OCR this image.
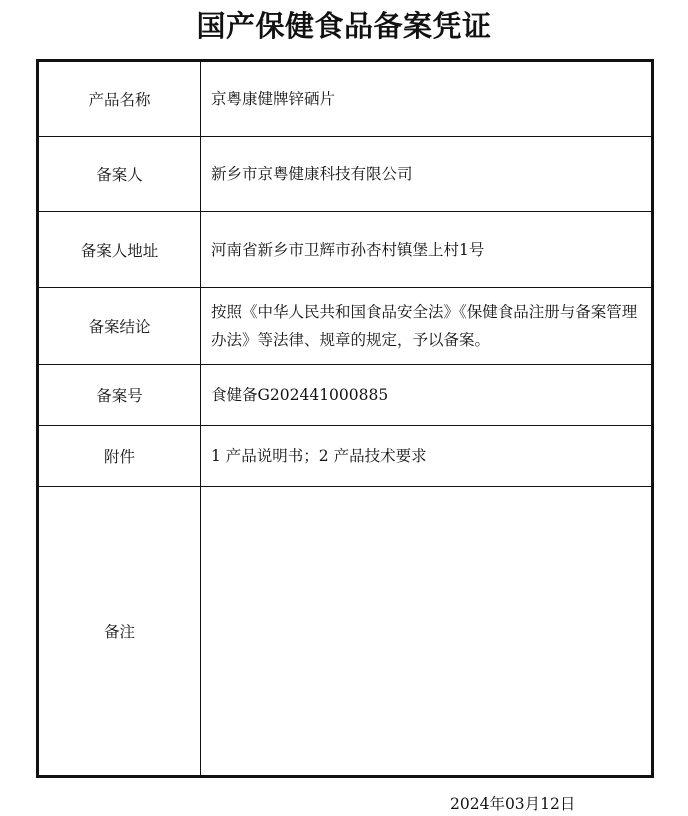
国产保健食品备案凭证
产品名称	京粤康健牌锌硒片
备案人	新乡市京粤健康科技有限公司
备案人地址	河南省新乡市卫辉市孙杏村镇堡上村1号
备案结论	按照《中华人民共和国食品安全法》《保健食品注册与备案管理办法》等法律、规章的规定，予以备案。
备案号	食健备G202441000885
附件	1 产品说明书；2 产品技术要求
备注	
2024年03月12日
